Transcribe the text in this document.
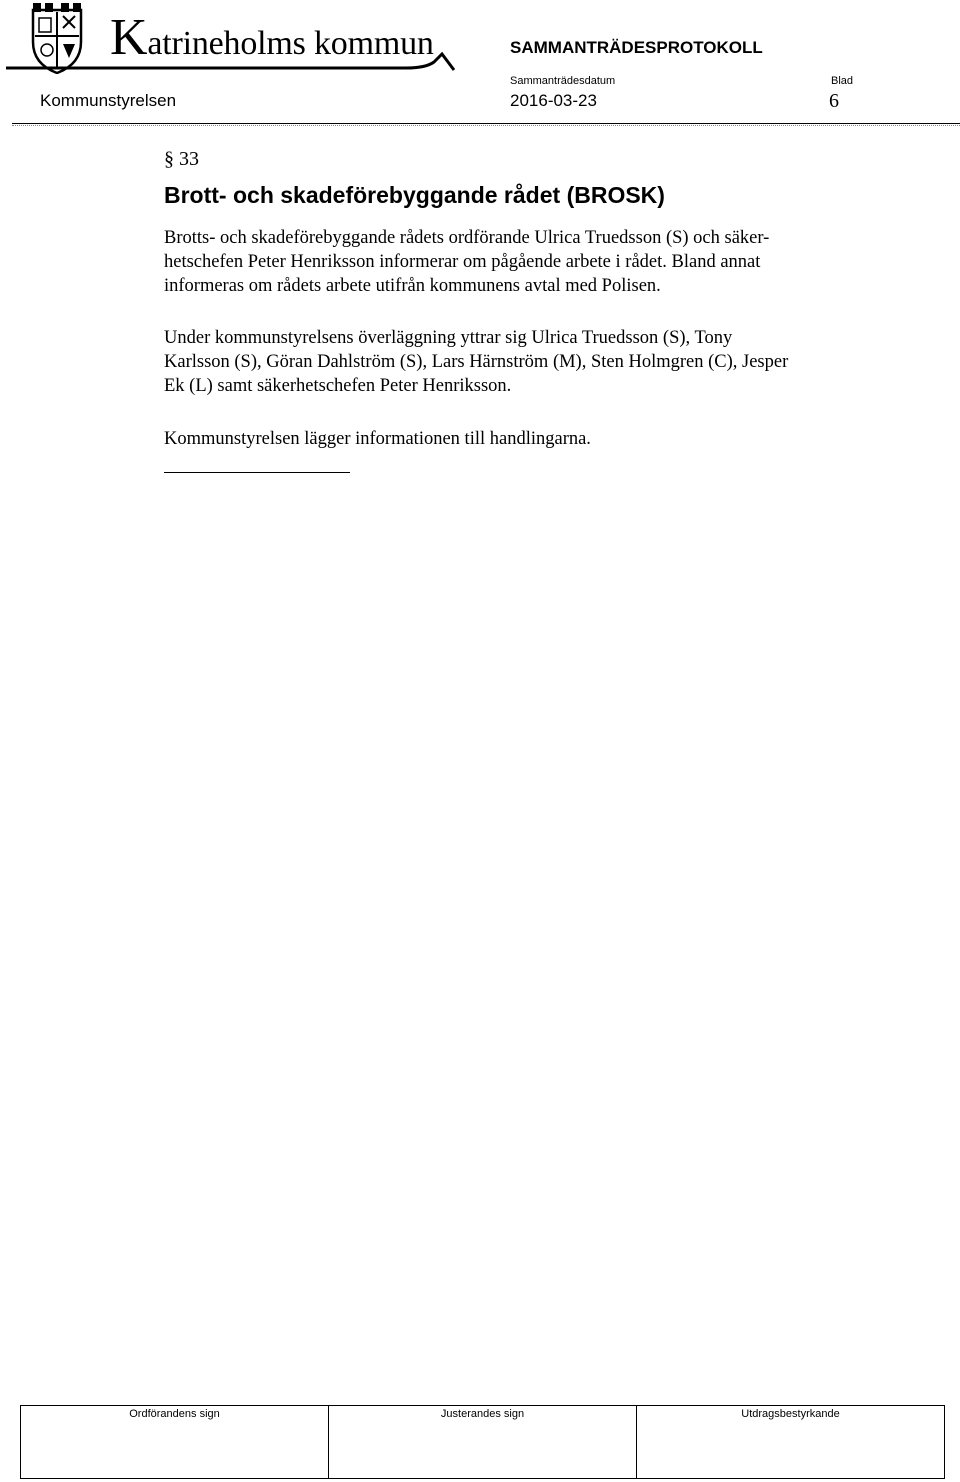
Katrineholms kommun	SAMMANTRÄDESPROTOKOLL
Sammanträdesdatum	Blad
Kommunstyrelsen	2016-03-23	6
§ 33
Brott- och skadeförebyggande rådet (BROSK)
Brotts- och skadeförebyggande rådets ordförande Ulrica Truedsson (S) och säker-
hetschefen Peter Henriksson informerar om pågående arbete i rådet. Bland annat
informeras om rådets arbete utifrån kommunens avtal med Polisen.
Under kommunstyrelsens överläggning yttrar sig Ulrica Truedsson (S), Tony
Karlsson (S), Göran Dahlström (S), Lars Härnström (M), Sten Holmgren (C), Jesper
Ek (L) samt säkerhetschefen Peter Henriksson.
Kommunstyrelsen lägger informationen till handlingarna.
Ordförandens sign	Justerandes sign	Utdragsbestyrkande
